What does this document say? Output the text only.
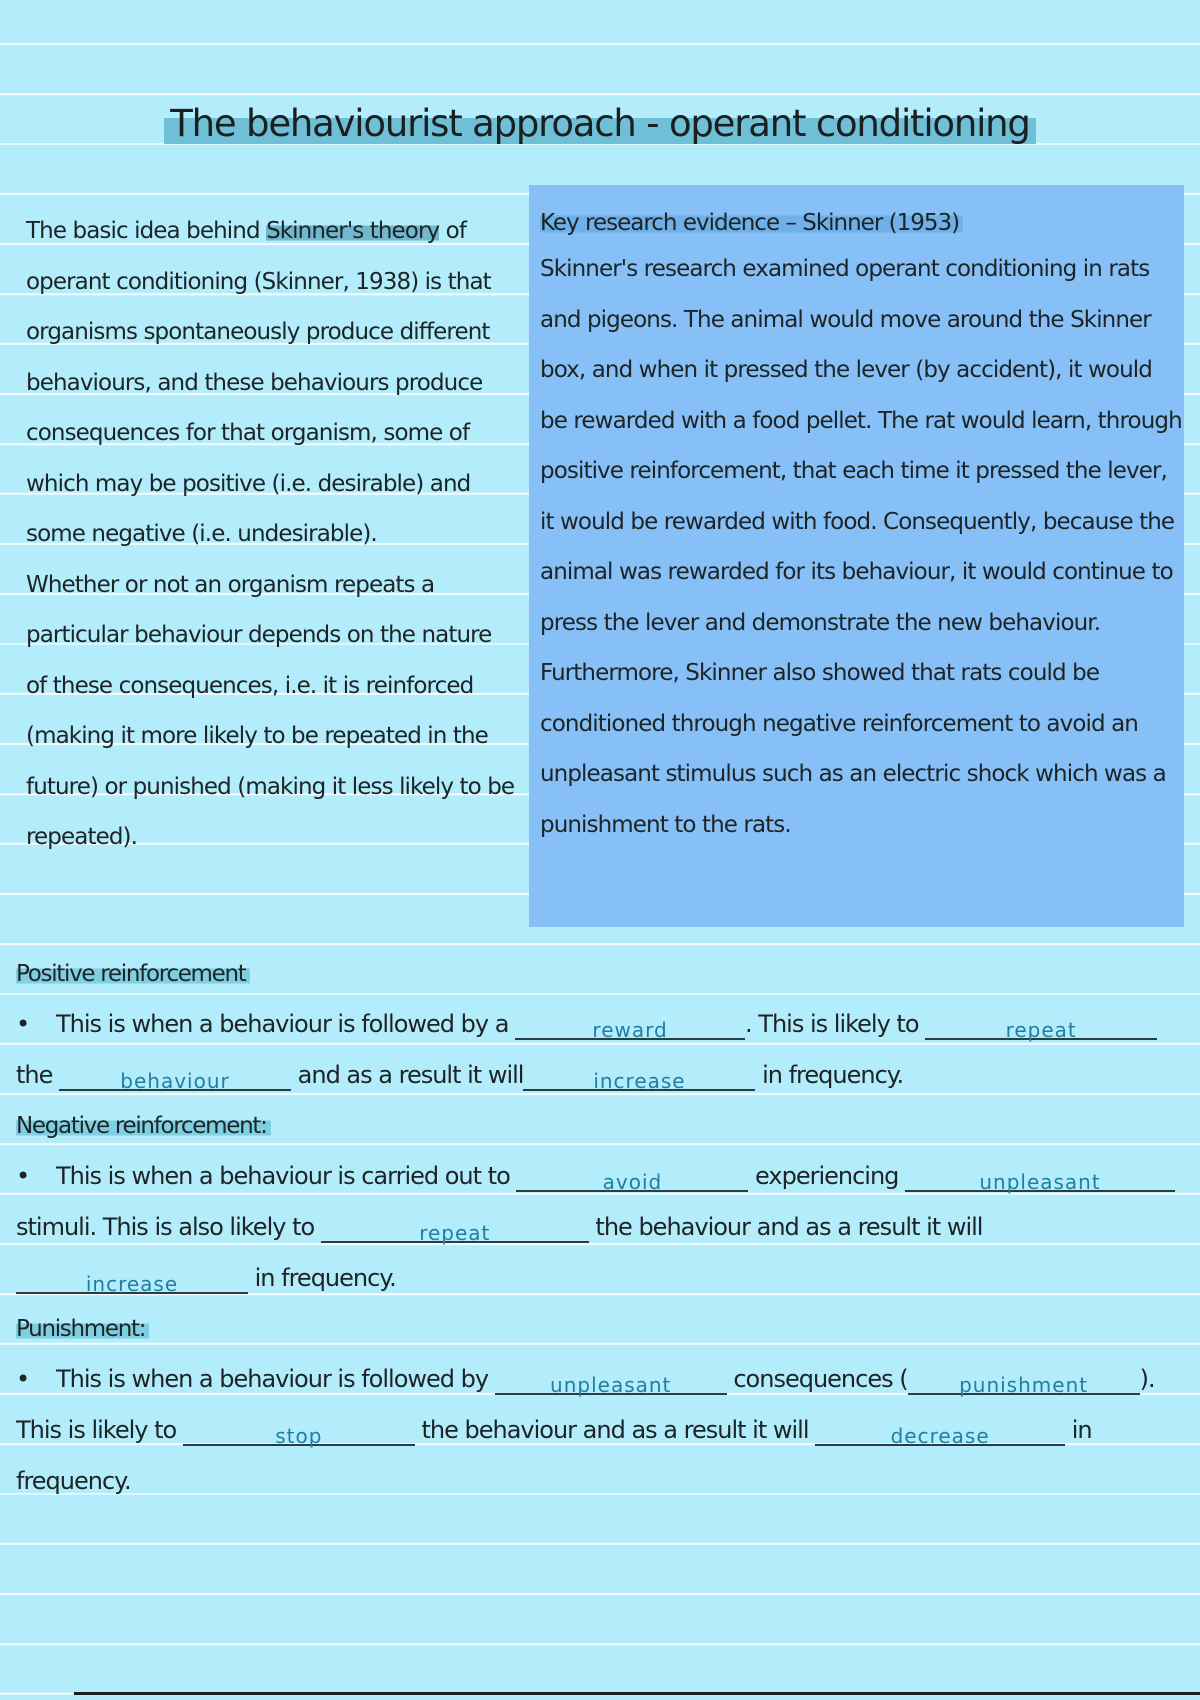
The behaviourist approach - operant conditioning

The basic idea behind Skinner's theory of operant conditioning (Skinner, 1938) is that organisms spontaneously produce different behaviours, and these behaviours produce consequences for that organism, some of which may be positive (i.e. desirable) and some negative (i.e. undesirable).

Whether or not an organism repeats a particular behaviour depends on the nature of these consequences, i.e. it is reinforced (making it more likely to be repeated in the future) or punished (making it less likely to be repeated).

Key research evidence – Skinner (1953)

Skinner's research examined operant conditioning in rats and pigeons. The animal would move around the Skinner box, and when it pressed the lever (by accident), it would be rewarded with a food pellet. The rat would learn, through positive reinforcement, that each time it pressed the lever, it would be rewarded with food. Consequently, because the animal was rewarded for its behaviour, it would continue to press the lever and demonstrate the new behaviour. Furthermore, Skinner also showed that rats could be conditioned through negative reinforcement to avoid an unpleasant stimulus such as an electric shock which was a punishment to the rats.

Positive reinforcement

• This is when a behaviour is followed by a	$_{reward}$	. This is likely to	$_{repeat}$

the	$_{behaviour}$	and as a result it will	$_{increase}$	in frequency.

Negative reinforcement:

• This is when a behaviour is carried out to	$_{avoid}$	experiencing	$_{unpleasant}$

stimuli. This is also likely to	$_{repeat}$	the behaviour and as a result it will

$_{increase}$	in frequency.

Punishment:

• This is when a behaviour is followed by	$_{unpleasant}$ consequences (	$_{punishment}$ ).

This is likely to	$_{stop}$	the behaviour and as a result it will	$_{decrease}$	in

frequency.
